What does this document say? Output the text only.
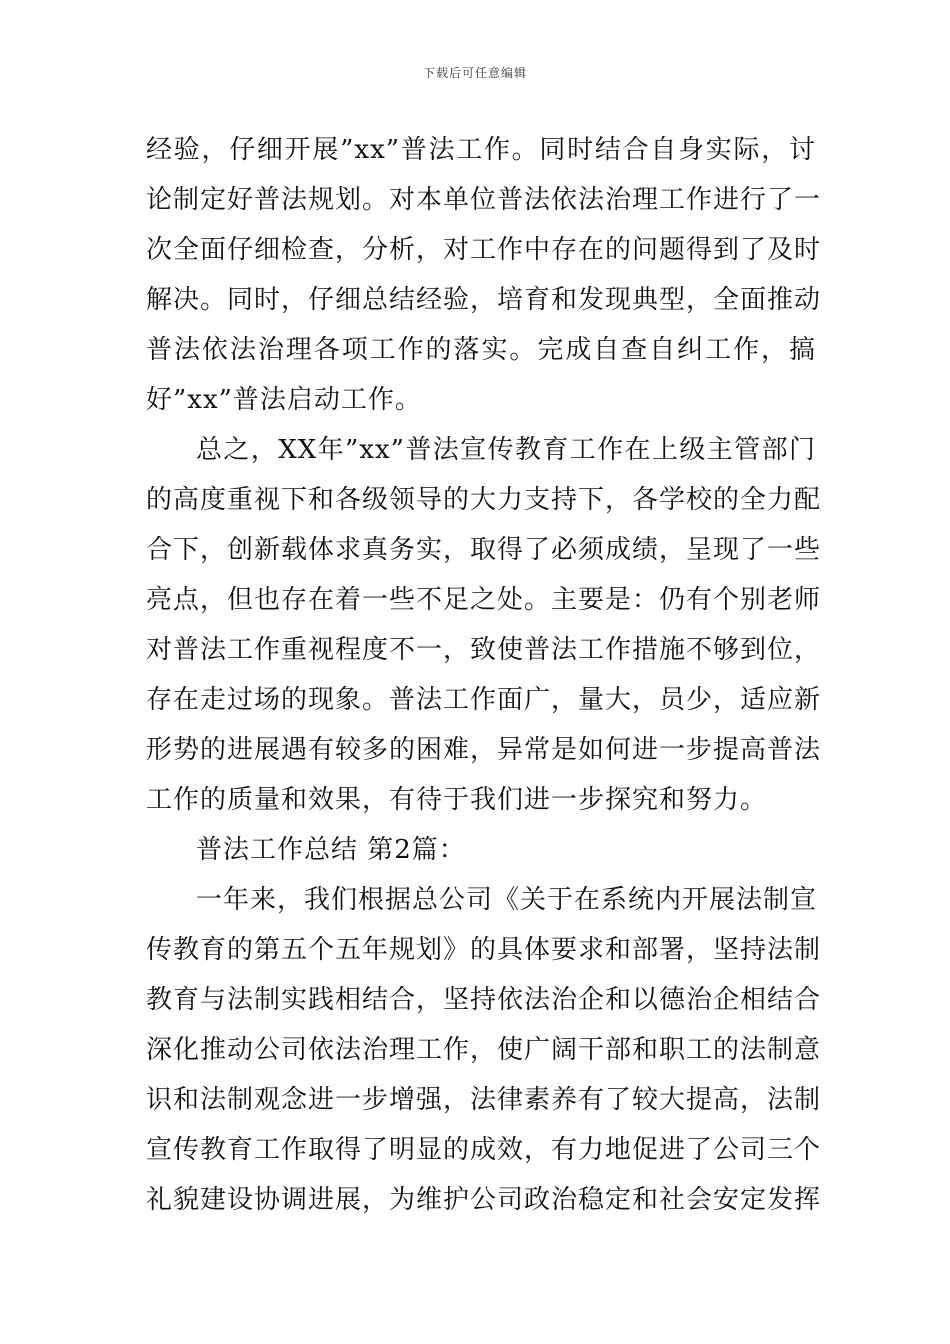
下载后可任意编辑
经验，仔细开展”xx”普法工作。同时结合自身实际，讨
论制定好普法规划。对本单位普法依法治理工作进行了一
次全面仔细检查，分析，对工作中存在的问题得到了及时
解决。同时，仔细总结经验，培育和发现典型，全面推动
普法依法治理各项工作的落实。完成自查自纠工作，搞
好”xx”普法启动工作。
总之，XX年”xx”普法宣传教育工作在上级主管部门
的高度重视下和各级领导的大力支持下，各学校的全力配
合下，创新载体求真务实，取得了必须成绩，呈现了一些
亮点，但也存在着一些不足之处。主要是：仍有个别老师
对普法工作重视程度不一，致使普法工作措施不够到位，
存在走过场的现象。普法工作面广，量大，员少，适应新
形势的进展遇有较多的困难，异常是如何进一步提高普法
工作的质量和效果，有待于我们进一步探究和努力。
普法工作总结 第2篇：
一年来，我们根据总公司《关于在系统内开展法制宣
传教育的第五个五年规划》的具体要求和部署，坚持法制
教育与法制实践相结合，坚持依法治企和以德治企相结合
深化推动公司依法治理工作，使广阔干部和职工的法制意
识和法制观念进一步增强，法律素养有了较大提高，法制
宣传教育工作取得了明显的成效，有力地促进了公司三个
礼貌建设协调进展，为维护公司政治稳定和社会安定发挥
